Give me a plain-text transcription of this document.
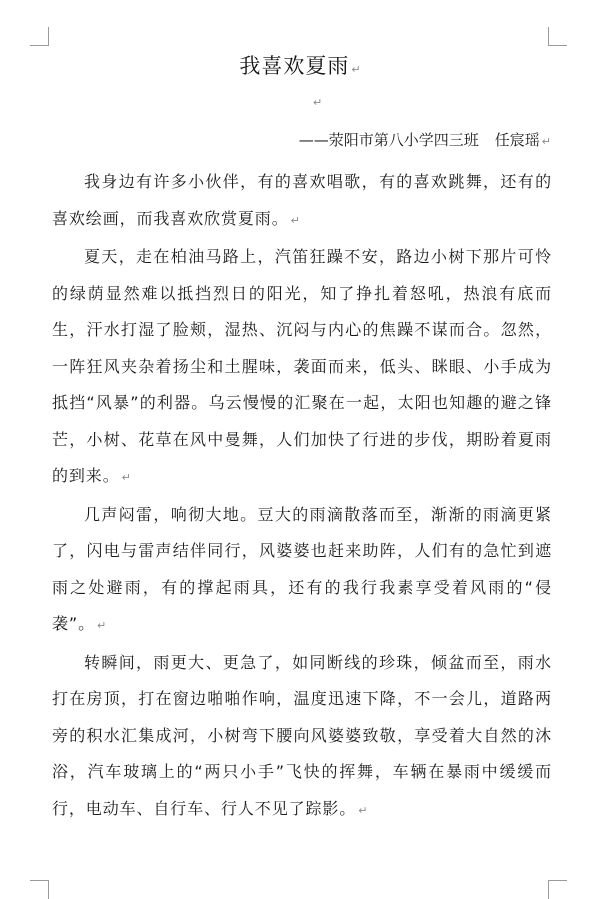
我喜欢夏雨 ↵
↵
——荥阳市第八小学四三班 任宸瑶 ↵

我身边有许多小伙伴，有的喜欢唱歌，有的喜欢跳舞，还有的喜欢绘画，而我喜欢欣赏夏雨。 ↵

夏天，走在柏油马路上，汽笛狂躁不安，路边小树下那片可怜的绿荫显然难以抵挡烈日的阳光，知了挣扎着怒吼，热浪有底而生，汗水打湿了脸颊，湿热、沉闷与内心的焦躁不谋而合。忽然，一阵狂风夹杂着扬尘和土腥味，袭面而来，低头、眯眼、小手成为抵挡“风暴”的利器。乌云慢慢的汇聚在一起，太阳也知趣的避之锋芒，小树、花草在风中曼舞，人们加快了行进的步伐，期盼着夏雨的到来。 ↵

几声闷雷，响彻大地。豆大的雨滴散落而至，渐渐的雨滴更紧了，闪电与雷声结伴同行，风婆婆也赶来助阵，人们有的急忙到遮雨之处避雨，有的撑起雨具，还有的我行我素享受着风雨的“侵袭”。 ↵

转瞬间，雨更大、更急了，如同断线的珍珠，倾盆而至，雨水打在房顶，打在窗边啪啪作响，温度迅速下降，不一会儿，道路两旁的积水汇集成河，小树弯下腰向风婆婆致敬，享受着大自然的沐浴，汽车玻璃上的“两只小手”飞快的挥舞，车辆在暴雨中缓缓而行，电动车、自行车、行人不见了踪影。 ↵
